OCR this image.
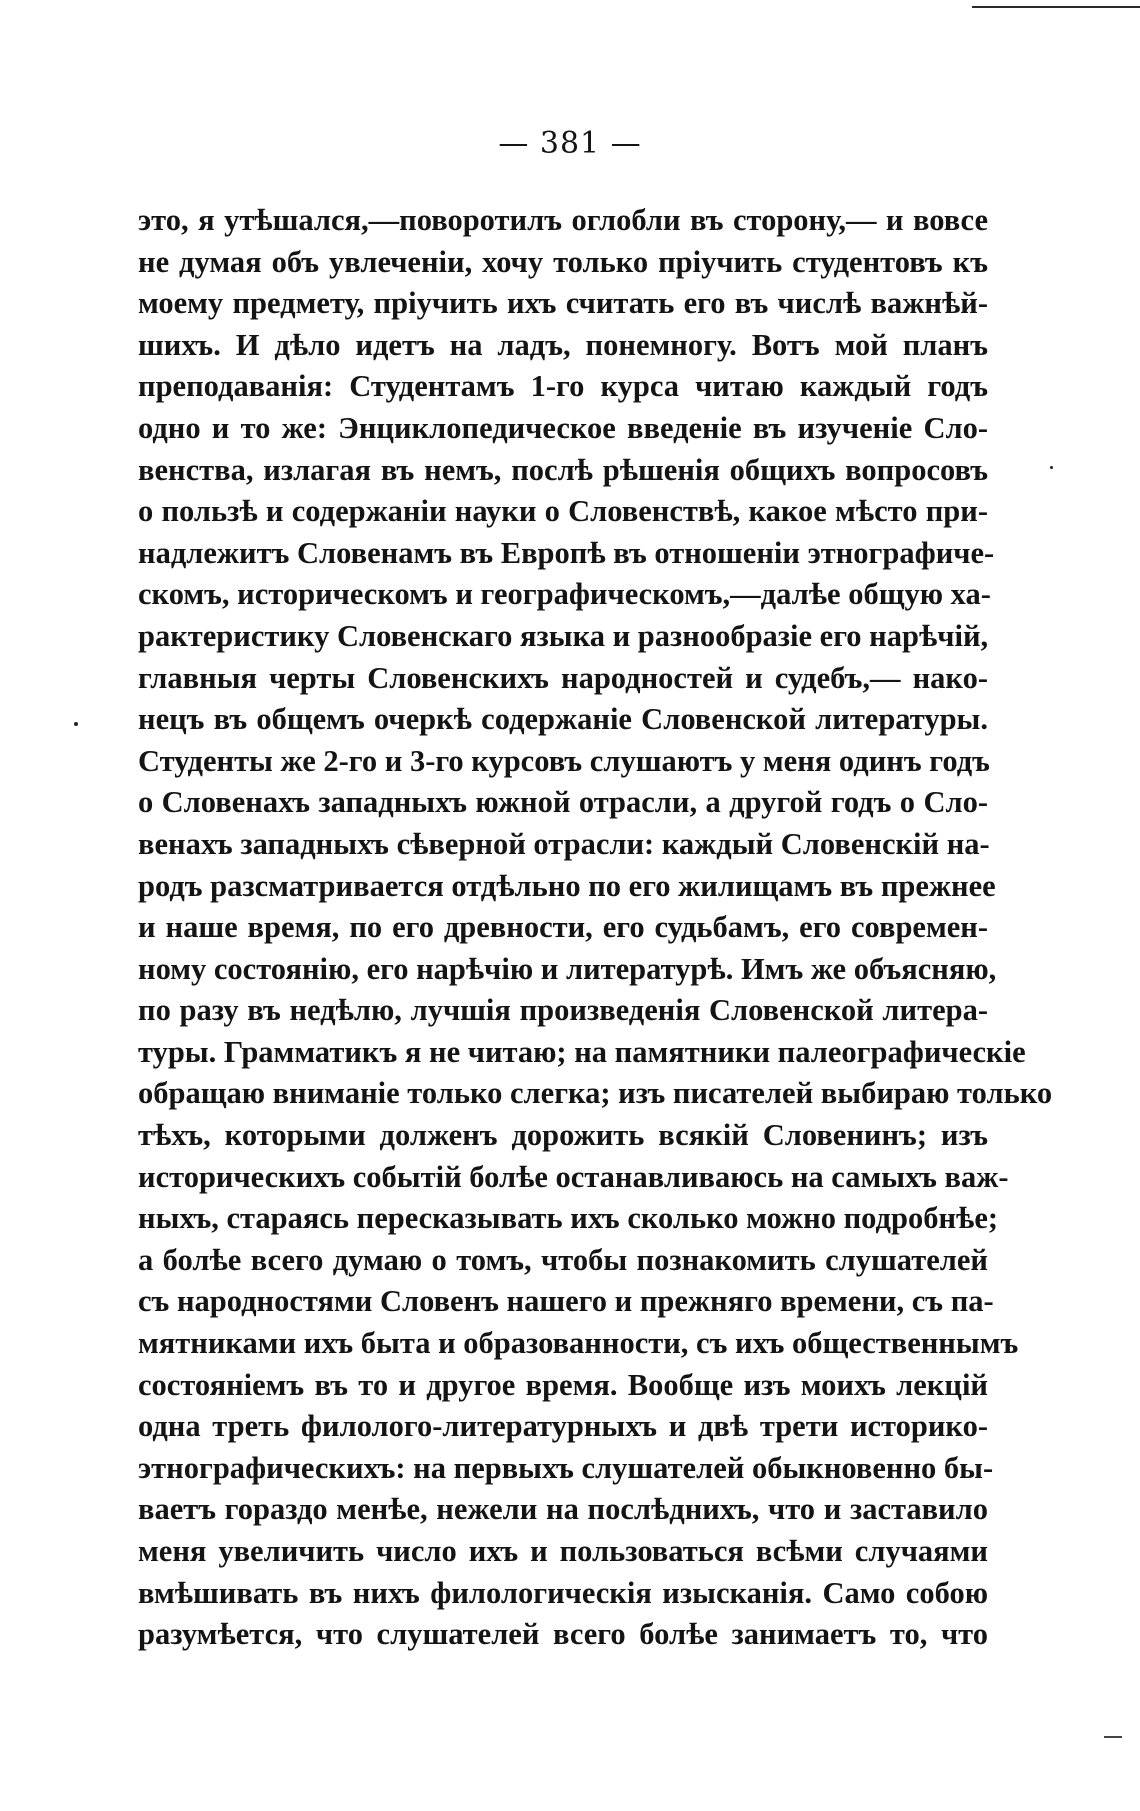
— 381 —
это, я утѣшался,—поворотилъ оглобли въ сторону,— и вовсе
не думая объ увлеченіи, хочу только пріучить студентовъ къ
моему предмету, пріучить ихъ считать его въ числѣ важнѣй-
шихъ. И дѣло идетъ на ладъ, понемногу. Вотъ мой планъ
преподаванія: Студентамъ 1-го курса читаю каждый годъ
одно и то же: Энциклопедическое введеніе въ изученіе Сло-
венства, излагая въ немъ, послѣ рѣшенія общихъ вопросовъ
о пользѣ и содержаніи науки о Словенствѣ, какое мѣсто при-
надлежитъ Словенамъ въ Европѣ въ отношеніи этнографиче-
скомъ, историческомъ и географическомъ,—далѣе общую ха-
рактеристику Словенскаго языка и разнообразіе его нарѣчій,
главныя черты Словенскихъ народностей и судебъ,— нако-
нецъ въ общемъ очеркѣ содержаніе Словенской литературы.
Студенты же 2-го и 3-го курсовъ слушаютъ у меня одинъ годъ
о Словенахъ западныхъ южной отрасли, а другой годъ о Сло-
венахъ западныхъ сѣверной отрасли: каждый Словенскій на-
родъ разсматривается отдѣльно по его жилищамъ въ прежнее
и наше время, по его древности, его судьбамъ, его современ-
ному состоянію, его нарѣчію и литературѣ. Имъ же объясняю,
по разу въ недѣлю, лучшія произведенія Словенской литера-
туры. Грамматикъ я не читаю; на памятники палеографическіе
обращаю вниманіе только слегка; изъ писателей выбираю только
тѣхъ, которыми долженъ дорожить всякій Словенинъ; изъ
историческихъ событій болѣе останавливаюсь на самыхъ важ-
ныхъ, стараясь пересказывать ихъ сколько можно подробнѣе;
а болѣе всего думаю о томъ, чтобы познакомить слушателей
съ народностями Словенъ нашего и прежняго времени, съ па-
мятниками ихъ быта и образованности, съ ихъ общественнымъ
состояніемъ въ то и другое время. Вообще изъ моихъ лекцій
одна треть филолого-литературныхъ и двѣ трети историко-
этнографическихъ: на первыхъ слушателей обыкновенно бы-
ваетъ гораздо менѣе, нежели на послѣднихъ, что и заставило
меня увеличить число ихъ и пользоваться всѣми случаями
вмѣшивать въ нихъ филологическія изысканія. Само собою
разумѣется, что слушателей всего болѣе занимаетъ то, что
